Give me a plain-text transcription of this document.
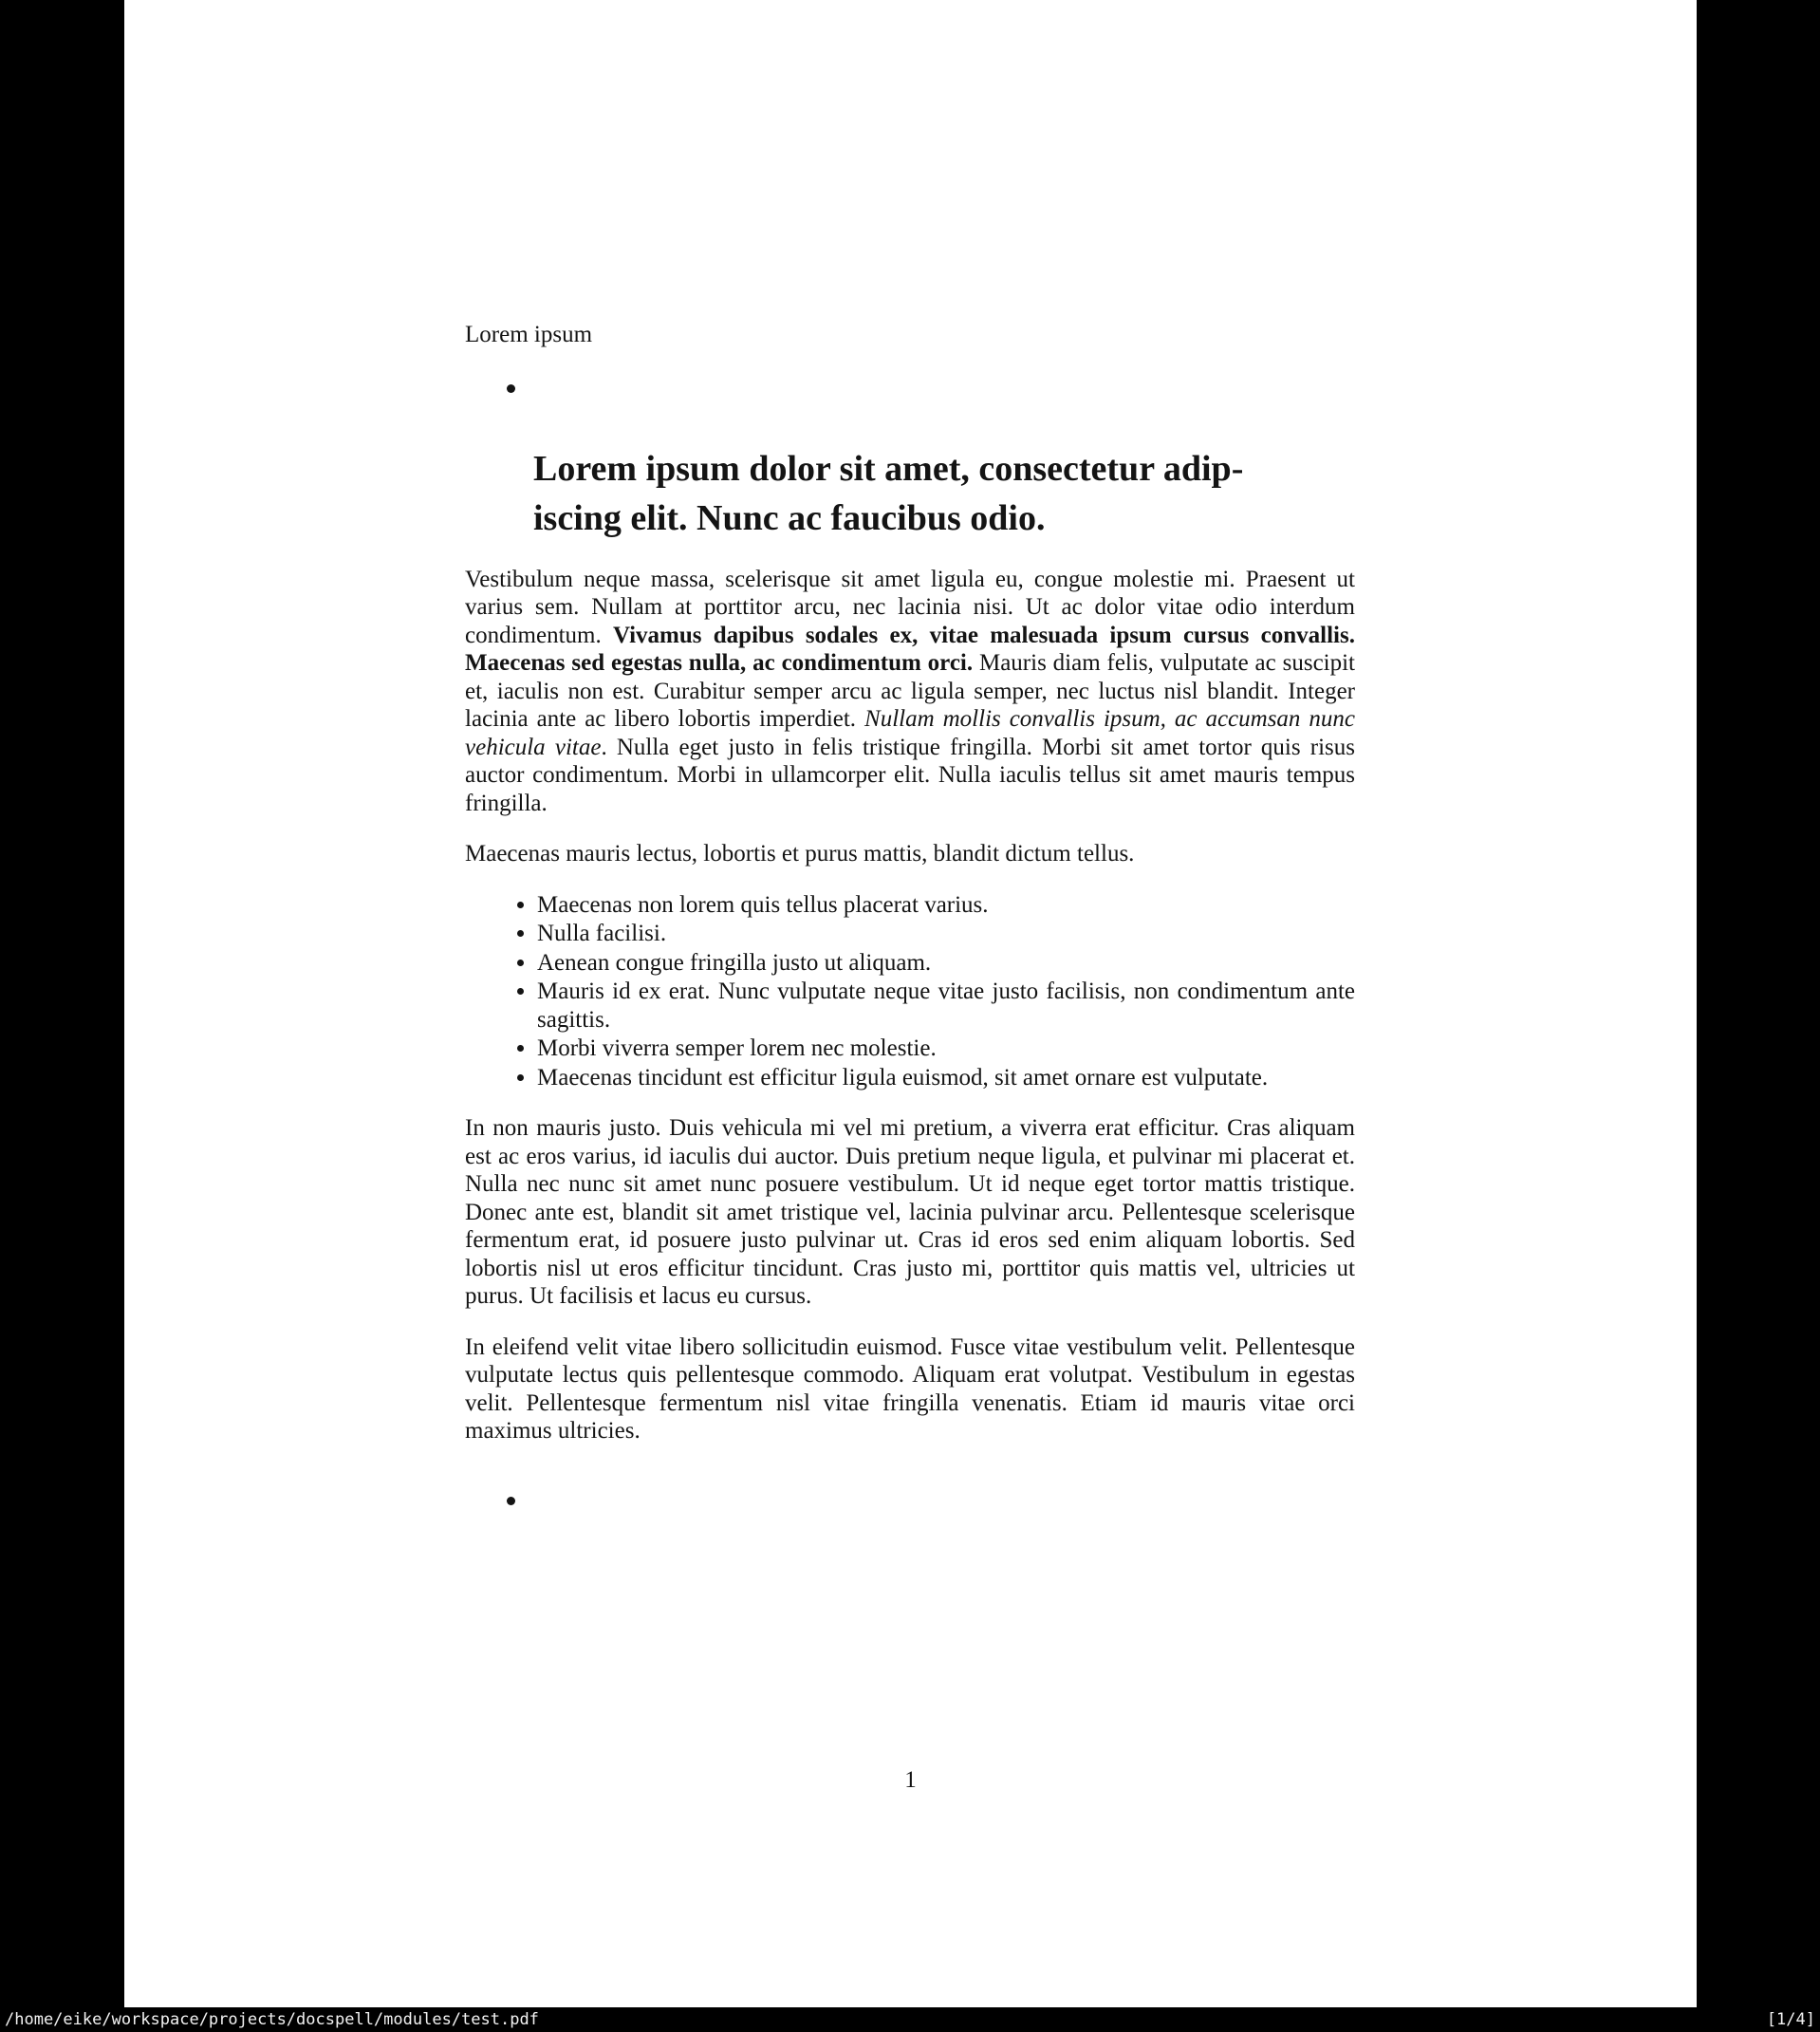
Lorem ipsum
Lorem ipsum dolor sit amet, consectetur adip-
iscing elit. Nunc ac faucibus odio.

Vestibulum neque massa, scelerisque sit amet ligula eu, congue molestie mi. Praesent ut varius sem. Nullam at porttitor arcu, nec lacinia nisi. Ut ac dolor vitae odio interdum condimentum. Vivamus dapibus sodales ex, vitae malesuada ipsum cursus convallis. Maecenas sed egestas nulla, ac condimentum orci. Mauris diam felis, vulputate ac suscipit et, iaculis non est. Curabitur semper arcu ac ligula semper, nec luctus nisl blandit. Integer lacinia ante ac libero lobortis imperdiet. Nullam mollis convallis ipsum, ac accumsan nunc vehicula vitae. Nulla eget justo in felis tristique fringilla. Morbi sit amet tortor quis risus auctor condimentum. Morbi in ullamcorper elit. Nulla iaculis tellus sit amet mauris tempus fringilla.

Maecenas mauris lectus, lobortis et purus mattis, blandit dictum tellus.

• Maecenas non lorem quis tellus placerat varius.
• Nulla facilisi.
• Aenean congue fringilla justo ut aliquam.
• Mauris id ex erat. Nunc vulputate neque vitae justo facilisis, non condimentum ante sagittis.
• Morbi viverra semper lorem nec molestie.
• Maecenas tincidunt est efficitur ligula euismod, sit amet ornare est vulputate.

In non mauris justo. Duis vehicula mi vel mi pretium, a viverra erat efficitur. Cras aliquam est ac eros varius, id iaculis dui auctor. Duis pretium neque ligula, et pulvinar mi placerat et. Nulla nec nunc sit amet nunc posuere vestibulum. Ut id neque eget tortor mattis tristique. Donec ante est, blandit sit amet tristique vel, lacinia pulvinar arcu. Pellentesque scelerisque fermentum erat, id posuere justo pulvinar ut. Cras id eros sed enim aliquam lobortis. Sed lobortis nisl ut eros efficitur tincidunt. Cras justo mi, porttitor quis mattis vel, ultricies ut purus. Ut facilisis et lacus eu cursus.

In eleifend velit vitae libero sollicitudin euismod. Fusce vitae vestibulum velit. Pellentesque vulputate lectus quis pellentesque commodo. Aliquam erat volutpat. Vestibulum in egestas velit. Pellentesque fermentum nisl vitae fringilla venenatis. Etiam id mauris vitae orci maximus ultricies.

1
/home/eike/workspace/projects/docspell/modules/test.pdf	[1/4]
